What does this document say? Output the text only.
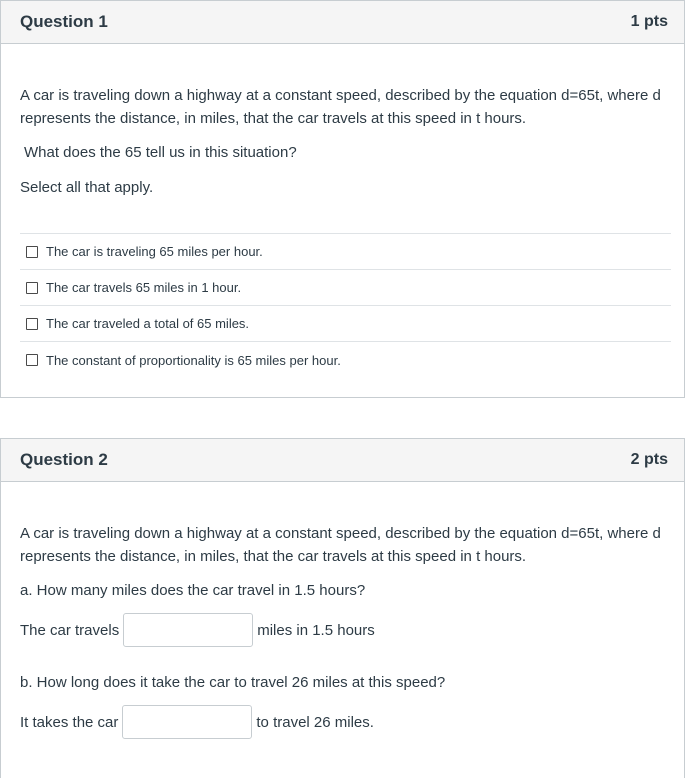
Question 1	1 pts

A car is traveling down a highway at a constant speed, described by the equation d=65t, where d
represents the distance, in miles, that the car travels at this speed in t hours.

What does the 65 tell us in this situation?

Select all that apply.

The car is traveling 65 miles per hour.
The car travels 65 miles in 1 hour.
The car traveled a total of 65 miles.
The constant of proportionality is 65 miles per hour.
Question 2	2 pts

A car is traveling down a highway at a constant speed, described by the equation d=65t, where d
represents the distance, in miles, that the car travels at this speed in t hours.

a. How many miles does the car travel in 1.5 hours?

The car travels	miles in 1.5 hours

b. How long does it take the car to travel 26 miles at this speed?

It takes the car	to travel 26 miles.
